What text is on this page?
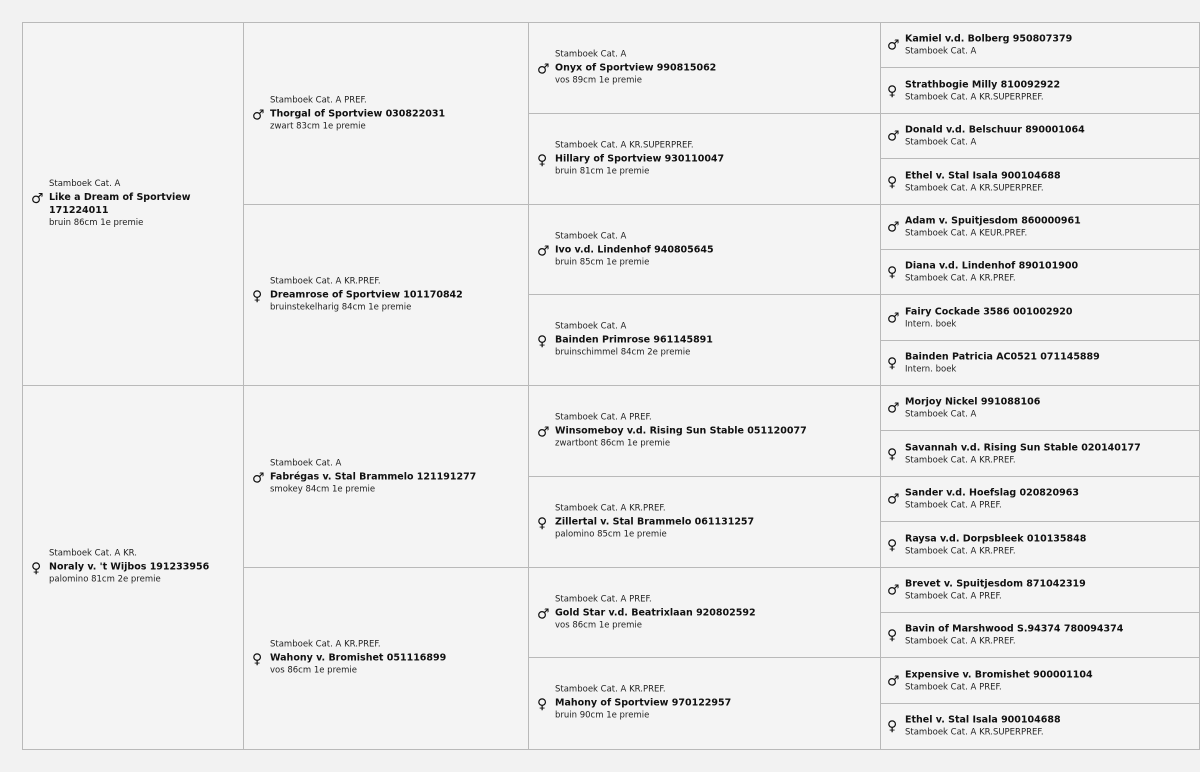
Stamboek Cat. A
♂ Like a Dream of Sportview 171224011
bruin 86cm 1e premie
Stamboek Cat. A KR.
♀ Noraly v. 't Wijbos 191233956
palomino 81cm 2e premie
Stamboek Cat. A PREF.
♂ Thorgal of Sportview 030822031
zwart 83cm 1e premie
Stamboek Cat. A KR.PREF.
♀ Dreamrose of Sportview 101170842
bruinstekelharig 84cm 1e premie
Stamboek Cat. A
♂ Fabrégas v. Stal Brammelo 121191277
smokey 84cm 1e premie
Stamboek Cat. A KR.PREF.
♀ Wahony v. Bromishet 051116899
vos 86cm 1e premie
Stamboek Cat. A
♂ Onyx of Sportview 990815062
vos 89cm 1e premie
Stamboek Cat. A KR.SUPERPREF.
♀ Hillary of Sportview 930110047
bruin 81cm 1e premie
Stamboek Cat. A
♂ Ivo v.d. Lindenhof 940805645
bruin 85cm 1e premie
Stamboek Cat. A
♀ Bainden Primrose 961145891
bruinschimmel 84cm 2e premie
Stamboek Cat. A PREF.
♂ Winsomeboy v.d. Rising Sun Stable 051120077
zwartbont 86cm 1e premie
Stamboek Cat. A KR.PREF.
♀ Zillertal v. Stal Brammelo 061131257
palomino 85cm 1e premie
Stamboek Cat. A PREF.
♂ Gold Star v.d. Beatrixlaan 920802592
vos 86cm 1e premie
Stamboek Cat. A KR.PREF.
♀ Mahony of Sportview 970122957
bruin 90cm 1e premie
♂ Kamiel v.d. Bolberg 950807379
Stamboek Cat. A
♀ Strathbogie Milly 810092922
Stamboek Cat. A KR.SUPERPREF.
♂ Donald v.d. Belschuur 890001064
Stamboek Cat. A
♀ Ethel v. Stal Isala 900104688
Stamboek Cat. A KR.SUPERPREF.
♂ Adam v. Spuitjesdom 860000961
Stamboek Cat. A KEUR.PREF.
♀ Diana v.d. Lindenhof 890101900
Stamboek Cat. A KR.PREF.
♂ Fairy Cockade 3586 001002920
Intern. boek
♀ Bainden Patricia AC0521 071145889
Intern. boek
♂ Morjoy Nickel 991088106
Stamboek Cat. A
♀ Savannah v.d. Rising Sun Stable 020140177
Stamboek Cat. A KR.PREF.
♂ Sander v.d. Hoefslag 020820963
Stamboek Cat. A PREF.
♀ Raysa v.d. Dorpsbleek 010135848
Stamboek Cat. A KR.PREF.
♂ Brevet v. Spuitjesdom 871042319
Stamboek Cat. A PREF.
♀ Bavin of Marshwood S.94374 780094374
Stamboek Cat. A KR.PREF.
♂ Expensive v. Bromishet 900001104
Stamboek Cat. A PREF.
♀ Ethel v. Stal Isala 900104688
Stamboek Cat. A KR.SUPERPREF.
